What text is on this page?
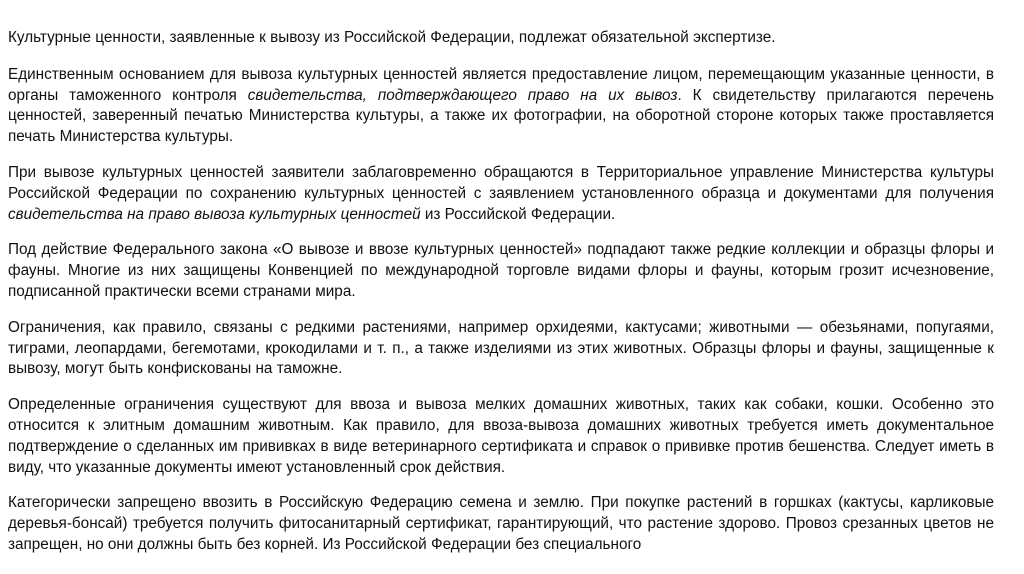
Культурные ценности, заявленные к вывозу из Российской Федерации, подлежат обязательной экспертизе.

Единственным основанием для вывоза культурных ценностей является предоставление лицом, перемещающим указанные ценности, в органы таможенного контроля свидетельства, подтверждающего право на их вывоз. К свидетельству прилагаются перечень ценностей, заверенный печатью Министерства культуры, а также их фотографии, на оборотной стороне которых также проставляется печать Министерства культуры.

При вывозе культурных ценностей заявители заблаговременно обращаются в Территориальное управление Министерства культуры Российской Федерации по сохранению культурных ценностей с заявлением установленного образца и документами для получения свидетельства на право вывоза культурных ценностей из Российской Федерации.

Под действие Федерального закона «О вывозе и ввозе культурных ценностей» подпадают также редкие коллекции и образцы флоры и фауны. Многие из них защищены Конвенцией по международной торговле видами флоры и фауны, которым грозит исчезновение, подписанной практически всеми странами мира.

Ограничения, как правило, связаны с редкими растениями, например орхидеями, кактусами; животными — обезьянами, попугаями, тиграми, леопардами, бегемотами, крокодилами и т. п., а также изделиями из этих животных. Образцы флоры и фауны, защищенные к вывозу, могут быть конфискованы на таможне.

Определенные ограничения существуют для ввоза и вывоза мелких домашних животных, таких как собаки, кошки. Особенно это относится к элитным домашним животным. Как правило, для ввоза-вывоза домашних животных требуется иметь документальное подтверждение о сделанных им прививках в виде ветеринарного сертификата и справок о прививке против бешенства. Следует иметь в виду, что указанные документы имеют установленный срок действия.

Категорически запрещено ввозить в Российскую Федерацию семена и землю. При покупке растений в горшках (кактусы, карликовые деревья-бонсай) требуется получить фитосанитарный сертификат, гарантирующий, что растение здорово. Провоз срезанных цветов не запрещен, но они должны быть без корней. Из Российской Федерации без специального
